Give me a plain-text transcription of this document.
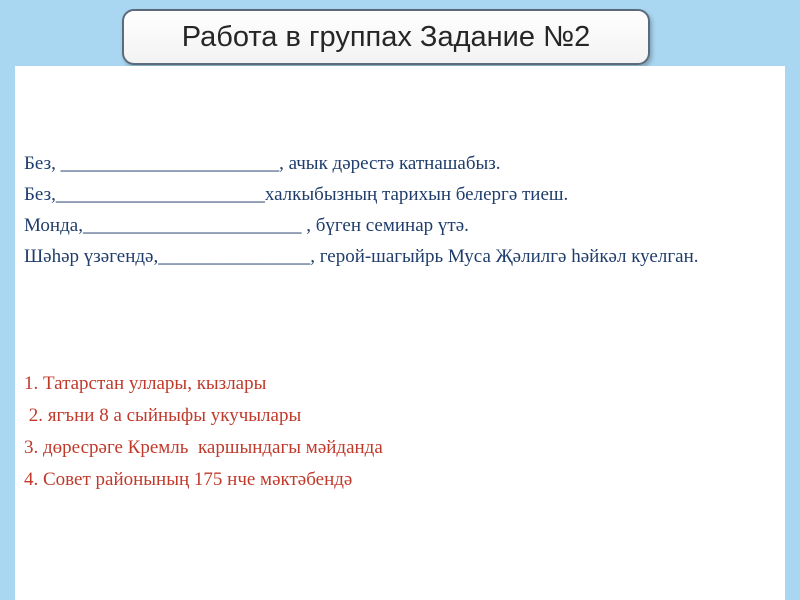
Работа в группах Задание №2

Без, _______________________, ачык дәрестә катнашабыз.

Без,______________________халкыбызның тарихын белергә тиеш.

Монда,_______________________ , бүген семинар үтә.

Шәһәр үзәгендә,________________, герой-шагыйрь Муса Җәлилгә һәйкәл куелган.

1. Татарстан уллары, кызлары

2. ягъни 8 а сыйныфы укучылары

3. дөресрәге Кремль  каршындагы мәйданда

4. Совет районының 175 нче мәктәбендә
